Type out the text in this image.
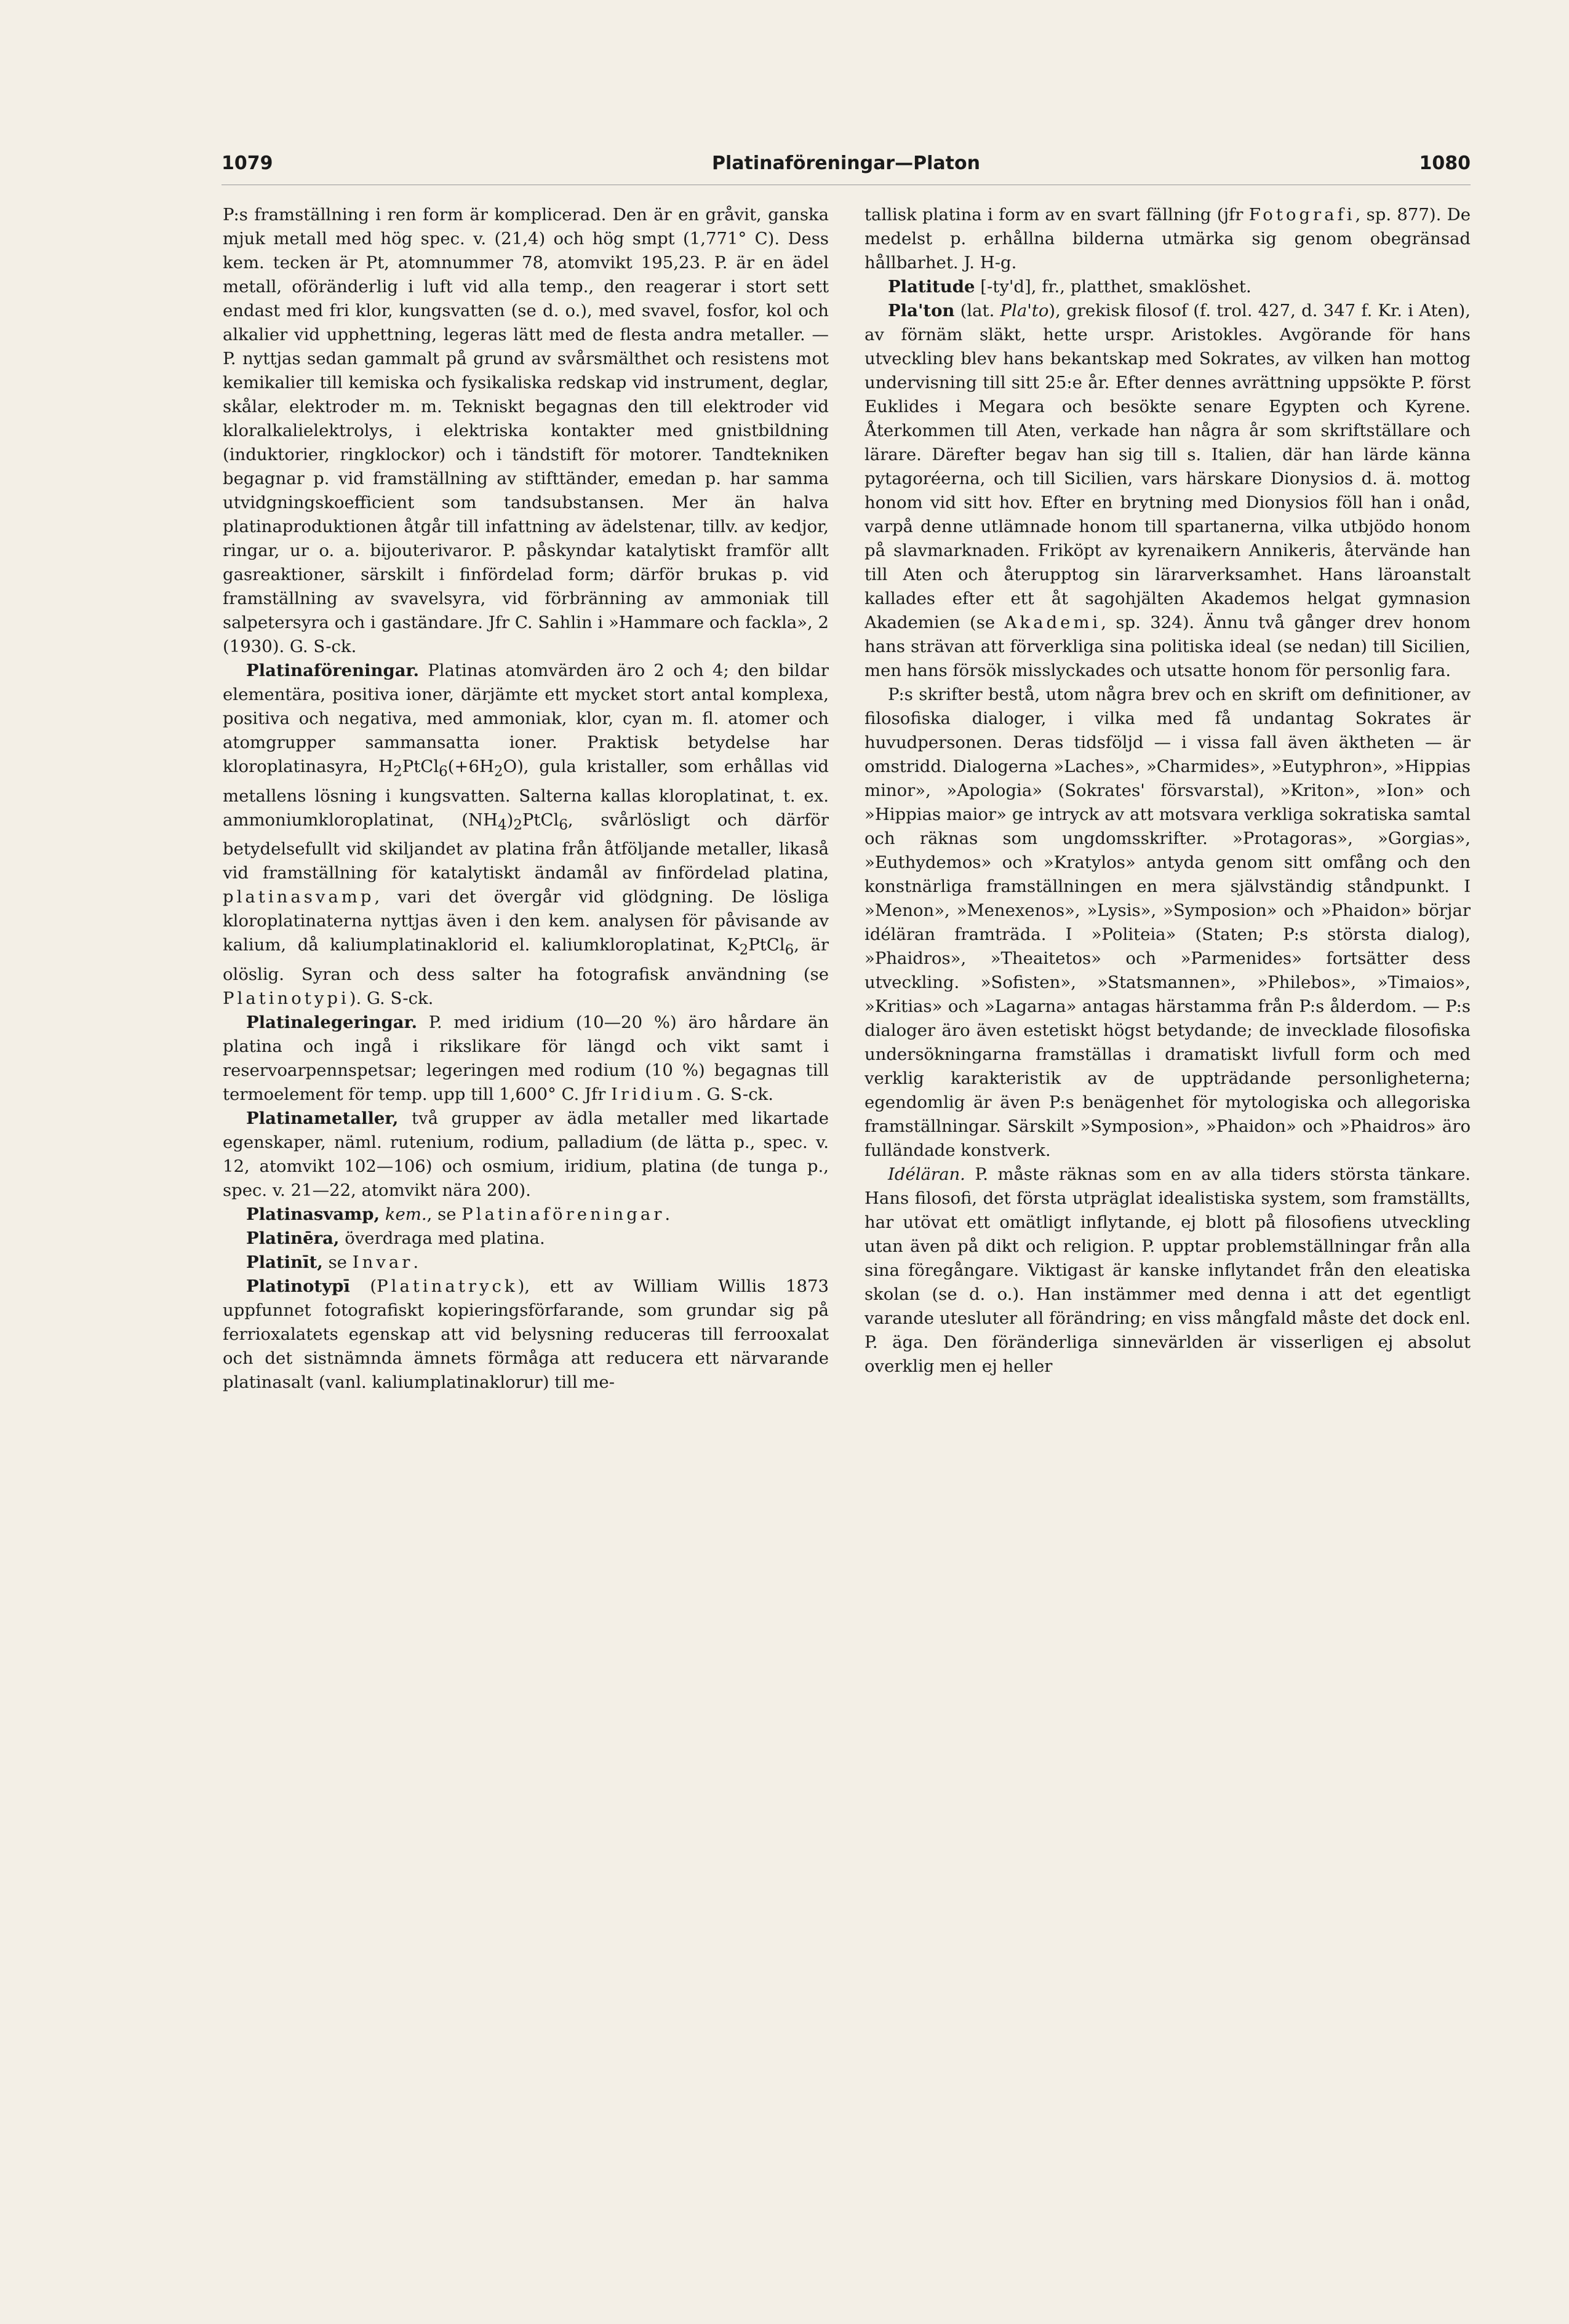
1079	Platinaföreningar—Platon	1080

P:s framställning i ren form är komplicerad. Den är en gråvit, ganska mjuk metall med hög spec. v. (21,4) och hög smpt (1,771° C). Dess kem. tecken är Pt, atomnummer 78, atomvikt 195,23. P. är en ädel metall, oföränderlig i luft vid alla temp., den reagerar i stort sett endast med fri klor, kungsvatten (se d. o.), med svavel, fosfor, kol och alkalier vid upphettning, legeras lätt med de flesta andra metaller. — P. nyttjas sedan gammalt på grund av svårsmälthet och resistens mot kemikalier till kemiska och fysikaliska redskap vid instrument, deglar, skålar, elektroder m. m. Tekniskt begagnas den till elektroder vid kloralkalielektrolys, i elektriska kontakter med gnistbildning (induktorier, ringklockor) och i tändstift för motorer. Tandtekniken begagnar p. vid framställning av stifttänder, emedan p. har samma utvidgningskoefficient som tandsubstansen. Mer än halva platinaproduktionen åtgår till infattning av ädelstenar, tillv. av kedjor, ringar, ur o. a. bijouterivaror. P. påskyndar katalytiskt framför allt gasreaktioner, särskilt i finfördelad form; därför brukas p. vid framställning av svavelsyra, vid förbränning av ammoniak till salpetersyra och i gaständare. Jfr C. Sahlin i »Hammare och fackla», 2 (1930). G. S-ck.

Platinaföreningar. Platinas atomvärden äro 2 och 4; den bildar elementära, positiva ioner, därjämte ett mycket stort antal komplexa, positiva och negativa, med ammoniak, klor, cyan m. fl. atomer och atomgrupper sammansatta ioner. Praktisk betydelse har kloroplatinasyra, $H_2PtCl_6(+6H_2O)$, gula kristaller, som erhållas vid metallens lösning i kungsvatten. Salterna kallas kloroplatinat, t. ex. ammoniumkloroplatinat, $(NH_4)_2PtCl_6$, svårlösligt och därför betydelsefullt vid skiljandet av platina från åtföljande metaller, likaså vid framställning för katalytiskt ändamål av finfördelad platina, platinasvamp, vari det övergår vid glödgning. De lösliga kloroplatinaterna nyttjas även i den kem. analysen för påvisande av kalium, då kaliumplatinaklorid el. kaliumkloroplatinat, $K_2PtCl_6$, är olöslig. Syran och dess salter ha fotografisk användning (se Platinotypi). G. S-ck.

Platinalegeringar. P. med iridium (10—20 %) äro hårdare än platina och ingå i rikslikare för längd och vikt samt i reservoarpennspetsar; legeringen med rodium (10 %) begagnas till termoelement för temp. upp till 1,600° C. Jfr Iridium. G. S-ck.

Platinametaller, två grupper av ädla metaller med likartade egenskaper, näml. rutenium, rodium, palladium (de lätta p., spec. v. 12, atomvikt 102—106) och osmium, iridium, platina (de tunga p., spec. v. 21—22, atomvikt nära 200).

Platinasvamp, kem., se Platinaföreningar.

Platinēra, överdraga med platina.

Platinīt, se Invar.

Platinotypī (Platinatryck), ett av William Willis 1873 uppfunnet fotografiskt kopieringsförfarande, som grundar sig på ferrioxalatets egenskap att vid belysning reduceras till ferrooxalat och det sistnämnda ämnets förmåga att reducera ett närvarande platinasalt (vanl. kaliumplatinaklorur) till me-

tallisk platina i form av en svart fällning (jfr Fotografi, sp. 877). De medelst p. erhållna bilderna utmärka sig genom obegränsad hållbarhet. J. H-g.

Platitude [-ty'd], fr., platthet, smaklöshet.

Pla'ton (lat. Pla'to), grekisk filosof (f. trol. 427, d. 347 f. Kr. i Aten), av förnäm släkt, hette urspr. Aristokles. Avgörande för hans utveckling blev hans bekantskap med Sokrates, av vilken han mottog undervisning till sitt 25:e år. Efter dennes avrättning uppsökte P. först Euklides i Megara och besökte senare Egypten och Kyrene. Återkommen till Aten, verkade han några år som skriftställare och lärare. Därefter begav han sig till s. Italien, där han lärde känna pytagoréerna, och till Sicilien, vars härskare Dionysios d. ä. mottog honom vid sitt hov. Efter en brytning med Dionysios föll han i onåd, varpå denne utlämnade honom till spartanerna, vilka utbjödo honom på slavmarknaden. Friköpt av kyrenaikern Annikeris, återvände han till Aten och återupptog sin lärarverksamhet. Hans läroanstalt kallades efter ett åt sagohjälten Akademos helgat gymnasion Akademien (se Akademi, sp. 324). Ännu två gånger drev honom hans strävan att förverkliga sina politiska ideal (se nedan) till Sicilien, men hans försök misslyckades och utsatte honom för personlig fara.

P:s skrifter bestå, utom några brev och en skrift om definitioner, av filosofiska dialoger, i vilka med få undantag Sokrates är huvudpersonen. Deras tidsföljd — i vissa fall även äktheten — är omstridd. Dialogerna »Laches», »Charmides», »Eutyphron», »Hippias minor», »Apologia» (Sokrates' försvarstal), »Kriton», »Ion» och »Hippias maior» ge intryck av att motsvara verkliga sokratiska samtal och räknas som ungdomsskrifter. »Protagoras», »Gorgias», »Euthydemos» och »Kratylos» antyda genom sitt omfång och den konstnärliga framställningen en mera självständig ståndpunkt. I »Menon», »Menexenos», »Lysis», »Symposion» och »Phaidon» börjar idéläran framträda. I »Politeia» (Staten; P:s största dialog), »Phaidros», »Theaitetos» och »Parmenides» fortsätter dess utveckling. »Sofisten», »Statsmannen», »Philebos», »Timaios», »Kritias» och »Lagarna» antagas härstamma från P:s ålderdom. — P:s dialoger äro även estetiskt högst betydande; de invecklade filosofiska undersökningarna framställas i dramatiskt livfull form och med verklig karakteristik av de uppträdande personligheterna; egendomlig är även P:s benägenhet för mytologiska och allegoriska framställningar. Särskilt »Symposion», »Phaidon» och »Phaidros» äro fulländade konstverk.

Idéläran. P. måste räknas som en av alla tiders största tänkare. Hans filosofi, det första utpräglat idealistiska system, som framställts, har utövat ett omätligt inflytande, ej blott på filosofiens utveckling utan även på dikt och religion. P. upptar problemställningar från alla sina föregångare. Viktigast är kanske inflytandet från den eleatiska skolan (se d. o.). Han instämmer med denna i att det egentligt varande utesluter all förändring; en viss mångfald måste det dock enl. P. äga. Den föränderliga sinnevärlden är visserligen ej absolut overklig men ej heller
